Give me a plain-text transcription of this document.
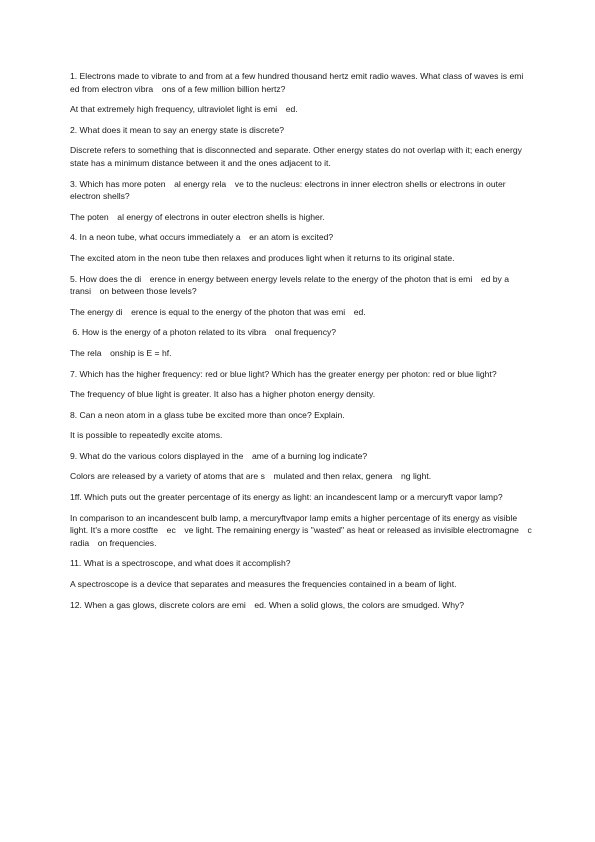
1. Electrons made to vibrate to and from at a few hundred thousand hertz emit radio waves. What class of waves is emi ed from electron vibra ons of a few million billion hertz?

At that extremely high frequency, ultraviolet light is emi ed.

2. What does it mean to say an energy state is discrete?

Discrete refers to something that is disconnected and separate. Other energy states do not overlap with it; each energy state has a minimum distance between it and the ones adjacent to it.

3. Which has more poten al energy rela ve to the nucleus: electrons in inner electron shells or electrons in outer electron shells?

The poten al energy of electrons in outer electron shells is higher.

4. In a neon tube, what occurs immediately a er an atom is excited?

The excited atom in the neon tube then relaxes and produces light when it returns to its original state.

5. How does the di erence in energy between energy levels relate to the energy of the photon that is emi ed by a transi on between those levels?

The energy di erence is equal to the energy of the photon that was emi ed.

6. How is the energy of a photon related to its vibra onal frequency?

The rela onship is E = hf.

7. Which has the higher frequency: red or blue light? Which has the greater energy per photon: red or blue light?

The frequency of blue light is greater. It also has a higher photon energy density.

8. Can a neon atom in a glass tube be excited more than once? Explain.

It is possible to repeatedly excite atoms.

9. What do the various colors displayed in the ame of a burning log indicate?

Colors are released by a variety of atoms that are s mulated and then relax, genera ng light.

1ff. Which puts out the greater percentage of its energy as light: an incandescent lamp or a mercuryft vapor lamp?

In comparison to an incandescent bulb lamp, a mercuryftvapor lamp emits a higher percentage of its energy as visible light. It's a more costfte ec ve light. The remaining energy is "wasted" as heat or released as invisible electromagne c radia on frequencies.

11. What is a spectroscope, and what does it accomplish?

A spectroscope is a device that separates and measures the frequencies contained in a beam of light.

12. When a gas glows, discrete colors are emi ed. When a solid glows, the colors are smudged. Why?
